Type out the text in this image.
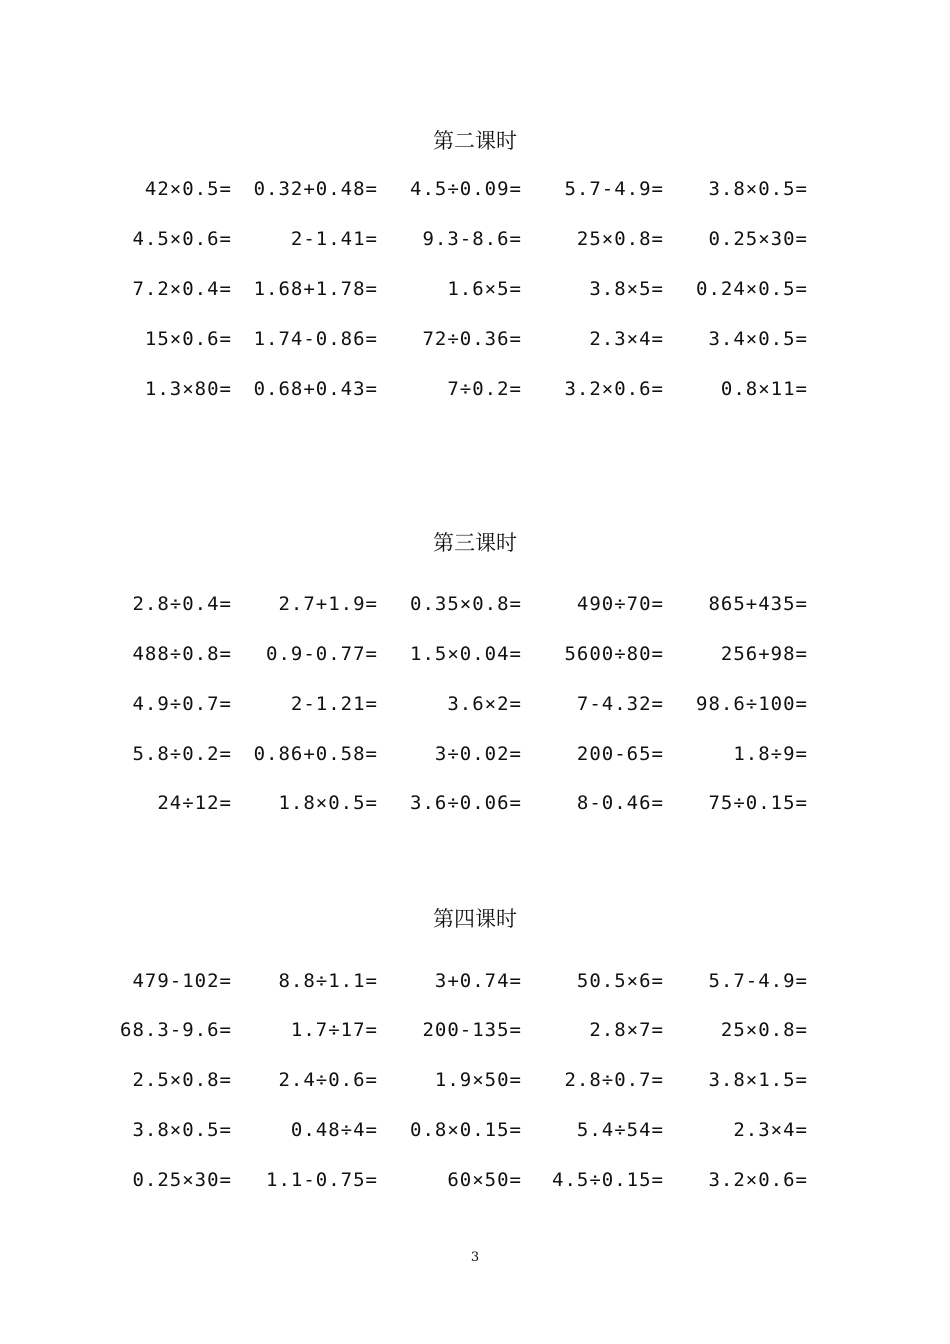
第二课时
42×0.5=	0.32+0.48=	4.5÷0.09=	5.7-4.9=	3.8×0.5=
4.5×0.6=	2-1.41=	9.3-8.6=	25×0.8=	0.25×30=
7.2×0.4=	1.68+1.78=	1.6×5=	3.8×5=	0.24×0.5=
15×0.6=	1.74-0.86=	72÷0.36=	2.3×4=	3.4×0.5=
1.3×80=	0.68+0.43=	7÷0.2=	3.2×0.6=	0.8×11=
第三课时
2.8÷0.4=	2.7+1.9=	0.35×0.8=	490÷70=	865+435=
488÷0.8=	0.9-0.77=	1.5×0.04=	5600÷80=	256+98=
4.9÷0.7=	2-1.21=	3.6×2=	7-4.32=	98.6÷100=
5.8÷0.2=	0.86+0.58=	3÷0.02=	200-65=	1.8÷9=
24÷12=	1.8×0.5=	3.6÷0.06=	8-0.46=	75÷0.15=
第四课时
479-102=	8.8÷1.1=	3+0.74=	50.5×6=	5.7-4.9=
68.3-9.6=	1.7÷17=	200-135=	2.8×7=	25×0.8=
2.5×0.8=	2.4÷0.6=	1.9×50=	2.8÷0.7=	3.8×1.5=
3.8×0.5=	0.48÷4=	0.8×0.15=	5.4÷54=	2.3×4=
0.25×30=	1.1-0.75=	60×50=	4.5÷0.15=	3.2×0.6=
3
